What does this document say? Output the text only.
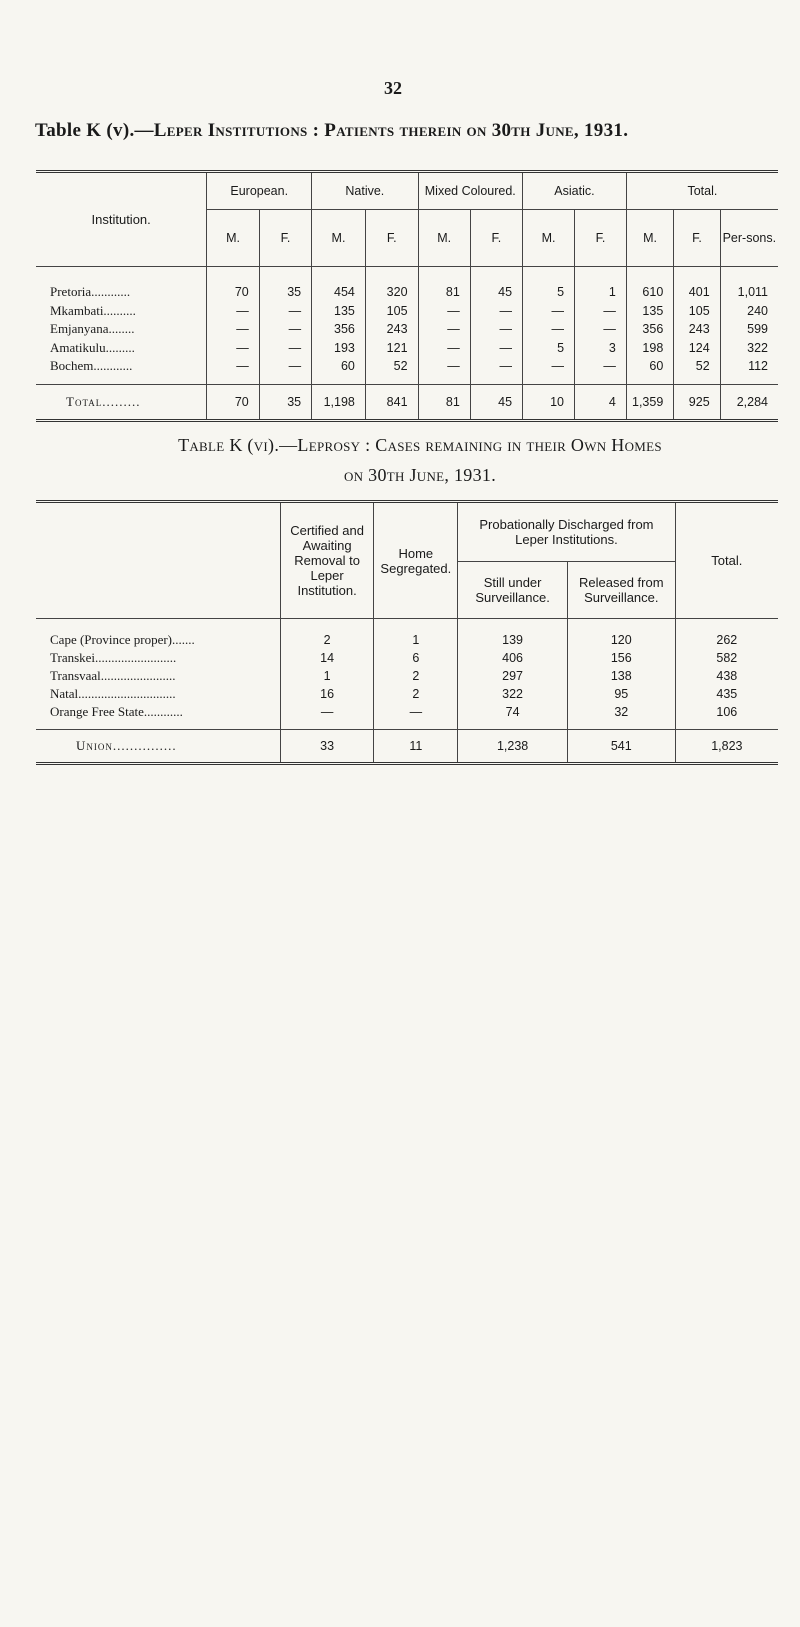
32
Table K (v).—Leper Institutions : Patients therein on 30th June, 1931.
Institution.	European.		Native.		Mixed Coloured.		Asiatic.		Total.		
	M.	F.	M.	F.	M.	F.	M.	F.	M.	F.	Per-sons.
Pretoria............	70	35	454	320	81	45	5	1	610	401	1,011
Mkambati..........	—	—	135	105	—	—	—	—	135	105	240
Emjanyana........	—	—	356	243	—	—	—	—	356	243	599
Amatikulu.........	—	—	193	121	—	—	5	3	198	124	322
Bochem............	—	—	60	52	—	—	—	—	60	52	112
Total.........	70	35	1,198	841	81	45	10	4	1,359	925	2,284
Table K (vi).—Leprosy : Cases remaining in their Own Homes
on 30th June, 1931.
	Certified and Awaiting Removal to Leper Institution.	Home Segregated.	Probationally Discharged from Leper Institutions.		Total.
			Still under Surveillance.	Released from Surveillance.	
Cape (Province proper).......	2	1	139	120	262
Transkei.........................	14	6	406	156	582
Transvaal.......................	1	2	297	138	438
Natal..............................	16	2	322	95	435
Orange Free State............	—	—	74	32	106
Union...............	33	11	1,238	541	1,823
